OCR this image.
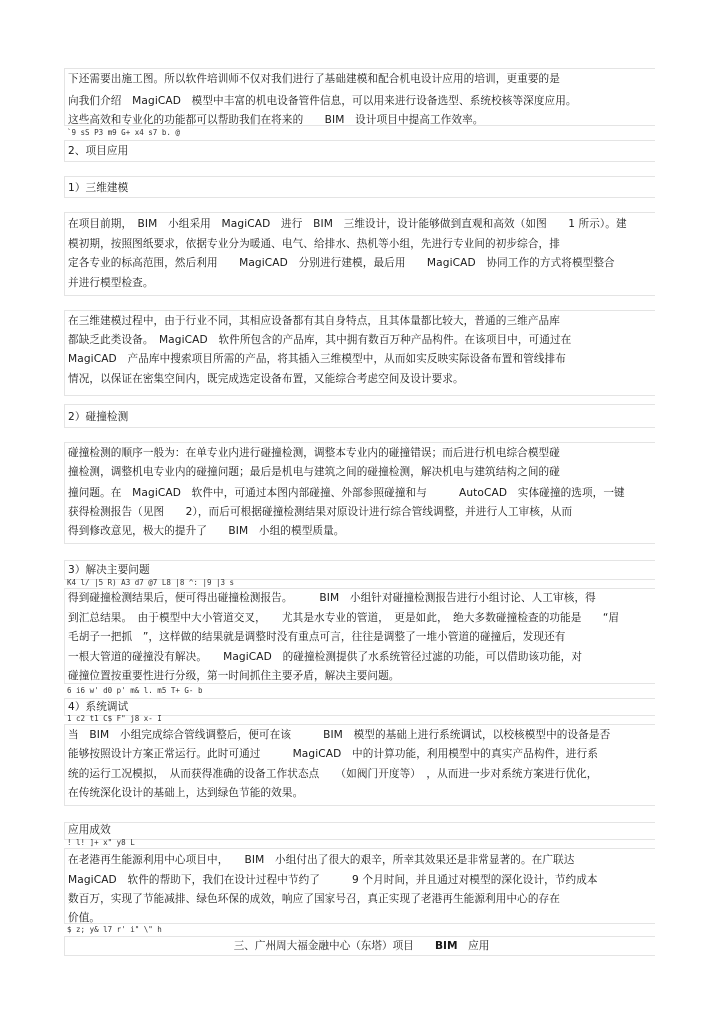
下还需要出施工图。所以软件培训师不仅对我们进行了基础建模和配合机电设计应用的培训，更重要的是
向我们介绍　MagiCAD　模型中丰富的机电设备管件信息，可以用来进行设备选型、系统校核等深度应用。
这些高效和专业化的功能都可以帮助我们在将来的　　BIM　设计项目中提高工作效率。
`9 sS P3 m9 G+ x4 s7 b. @
2、项目应用
1）三维建模
在项目前期，　BIM　小组采用　MagiCAD　进行　BIM　三维设计，设计能够做到直观和高效（如图　　1 所示）。建
模初期，按照图纸要求，依据专业分为暖通、电气、给排水、热机等小组，先进行专业间的初步综合，排
定各专业的标高范围，然后利用　　MagiCAD　分别进行建模，最后用　　MagiCAD　协同工作的方式将模型整合
并进行模型检查。
在三维建模过程中，由于行业不同，其相应设备都有其自身特点，且其体量都比较大，普通的三维产品库
都缺乏此类设备。　MagiCAD　软件所包含的产品库，其中拥有数百万种产品构件。在该项目中，可通过在
MagiCAD　产品库中搜索项目所需的产品，将其插入三维模型中，从而如实反映实际设备布置和管线排布
情况，以保证在密集空间内，既完成选定设备布置，又能综合考虑空间及设计要求。
2）碰撞检测
碰撞检测的顺序一般为：在单专业内进行碰撞检测，调整本专业内的碰撞错误；而后进行机电综合模型碰
撞检测，调整机电专业内的碰撞问题；最后是机电与建筑之间的碰撞检测，解决机电与建筑结构之间的碰
撞问题。在　MagiCAD　软件中，可通过本图内部碰撞、外部参照碰撞和与　　　AutoCAD　实体碰撞的选项，一键
获得检测报告（见图　　2），而后可根据碰撞检测结果对原设计进行综合管线调整，并进行人工审核，从而
得到修改意见，极大的提升了　　BIM　小组的模型质量。
3）解决主要问题
K4 l/ |5 R) A3 d7 @7 L8 |8 ^: |9 |3 s
得到碰撞检测结果后，便可得出碰撞检测报告。　　　BIM　小组针对碰撞检测报告进行小组讨论、人工审核，得
到汇总结果。　由于模型中大小管道交叉，　　尤其是水专业的管道，　更是如此，　绝大多数碰撞检查的功能是　　“眉
毛胡子一把抓　”，这样做的结果就是调整时没有重点可言，往往是调整了一堆小管道的碰撞后，发现还有
一根大管道的碰撞没有解决。　　MagiCAD　的碰撞检测提供了水系统管径过滤的功能，可以借助该功能，对
碰撞位置按重要性进行分级，第一时间抓住主要矛盾，解决主要问题。
6 i6 w' d0 p' m& l. m5 T+ G- b
4）系统调试
1 c2 t1 C$ F" j8 x- I
当　BIM　小组完成综合管线调整后，便可在该　　　BIM　模型的基础上进行系统调试，以校核模型中的设备是否
能够按照设计方案正常运行。此时可通过　　　MagiCAD　中的计算功能，利用模型中的真实产品构件，进行系
统的运行工况模拟，　从而获得准确的设备工作状态点　　（如阀门开度等）　，从而进一步对系统方案进行优化，
在传统深化设计的基础上，达到绿色节能的效果。
应用成效
! l! ]+ x" y8 L
在老港再生能源利用中心项目中，　　BIM　小组付出了很大的艰辛，所幸其效果还是非常显著的。在广联达
MagiCAD　软件的帮助下，我们在设计过程中节约了　　　9 个月时间，并且通过对模型的深化设计，节约成本
数百万，实现了节能减排、绿色环保的成效，响应了国家号召，真正实现了老港再生能源利用中心的存在
价值。
$ z; y& l7 r' i" \" h
三、广州周大福金融中心（东塔）项目　　BIM　应用
